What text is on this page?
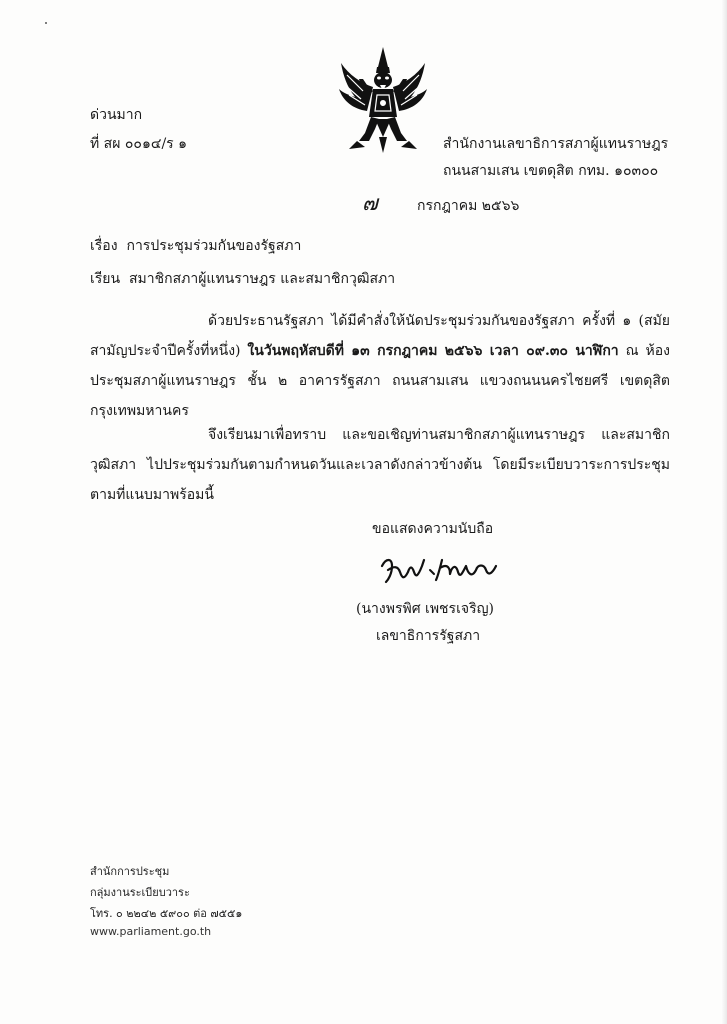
ด่วนมาก
ที่ สผ ๐๐๑๔/ร ๑	สำนักงานเลขาธิการสภาผู้แทนราษฎร
ถนนสามเสน เขตดุสิต กทม. ๑๐๓๐๐
๗	กรกฎาคม ๒๕๖๖
เรื่อง การประชุมร่วมกันของรัฐสภา
เรียน สมาชิกสภาผู้แทนราษฎร และสมาชิกวุฒิสภา
ด้วยประธานรัฐสภา ได้มีคำสั่งให้นัดประชุมร่วมกันของรัฐสภา ครั้งที่ ๑ (สมัยสามัญประจำปีครั้งที่หนึ่ง) ในวันพฤหัสบดีที่ ๑๓ กรกฎาคม ๒๕๖๖ เวลา ๐๙.๓๐ นาฬิกา ณ ห้องประชุมสภาผู้แทนราษฎร ชั้น ๒ อาคารรัฐสภา ถนนสามเสน แขวงถนนนครไชยศรี เขตดุสิต กรุงเทพมหานคร
จึงเรียนมาเพื่อทราบ และขอเชิญท่านสมาชิกสภาผู้แทนราษฎร และสมาชิกวุฒิสภา ไปประชุมร่วมกันตามกำหนดวันและเวลาดังกล่าวข้างต้น โดยมีระเบียบวาระการประชุม ตามที่แนบมาพร้อมนี้
ขอแสดงความนับถือ
(นางพรพิศ เพชรเจริญ)
เลขาธิการรัฐสภา
สำนักการประชุม
กลุ่มงานระเบียบวาระ
โทร. ๐ ๒๒๔๒ ๕๙๐๐ ต่อ ๗๕๕๑
www.parliament.go.th
